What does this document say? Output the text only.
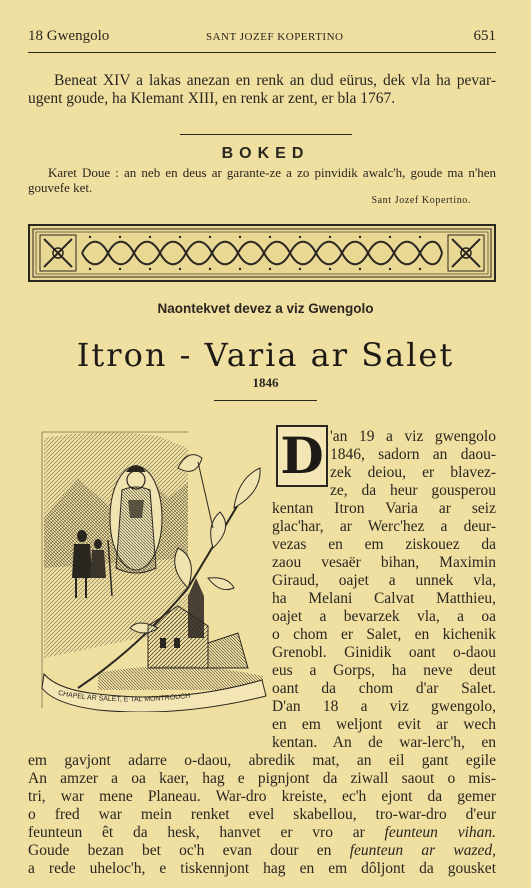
18 Gwengolo	SANT JOZEF KOPERTINO	651
Beneat XIV a lakas anezan en renk an dud eürus, dek vla ha pevar-ugent goude, ha Klemant XIII, en renk ar zent, er bla 1767.
BOKED
Karet Doue : an neb en deus ar garante-ze a zo pinvidik awalc'h, goude ma n'hen gouvefe ket.
Sant Jozef Kopertino.
Naontekvet devez a viz Gwengolo
Itron - Varia ar Salet
1846
CHAPEL AR SALET, E TAL MONTROUCH
D 'an 19 a viz gwengolo
1846, sadorn an daou-
zek deiou, er blavez-
ze, da heur gousperou
kentan Itron Varia ar seiz
glac'har, ar Werc'hez a deur-
vezas en em ziskouez da
zaou vesaër bihan, Maximin
Giraud, oajet a unnek vla,
ha Melani Calvat Matthieu,
oajet a bevarzek vla, a oa
o chom er Salet, en kichenik
Grenobl. Ginidik oant o-daou
eus a Gorps, ha neve deut
oant da chom d'ar Salet.
D'an 18 a viz gwengolo,
en em weljont evit ar wech
kentan. An de war-lerc'h, en
em gavjont adarre o-daou, abredik mat, an eil gant egile
An amzer a oa kaer, hag e pignjont da ziwall saout o mis-
tri, war mene Planeau. War-dro kreiste, ec'h ejont da gemer
o fred war mein renket evel skabellou, tro-war-dro d'eur
feunteun êt da hesk, hanvet er vro ar feunteun vihan.
Goude bezan bet oc'h evan dour en feunteun ar wazed,
a rede uheloc'h, e tiskennjont hag en em dôljont da gousket
